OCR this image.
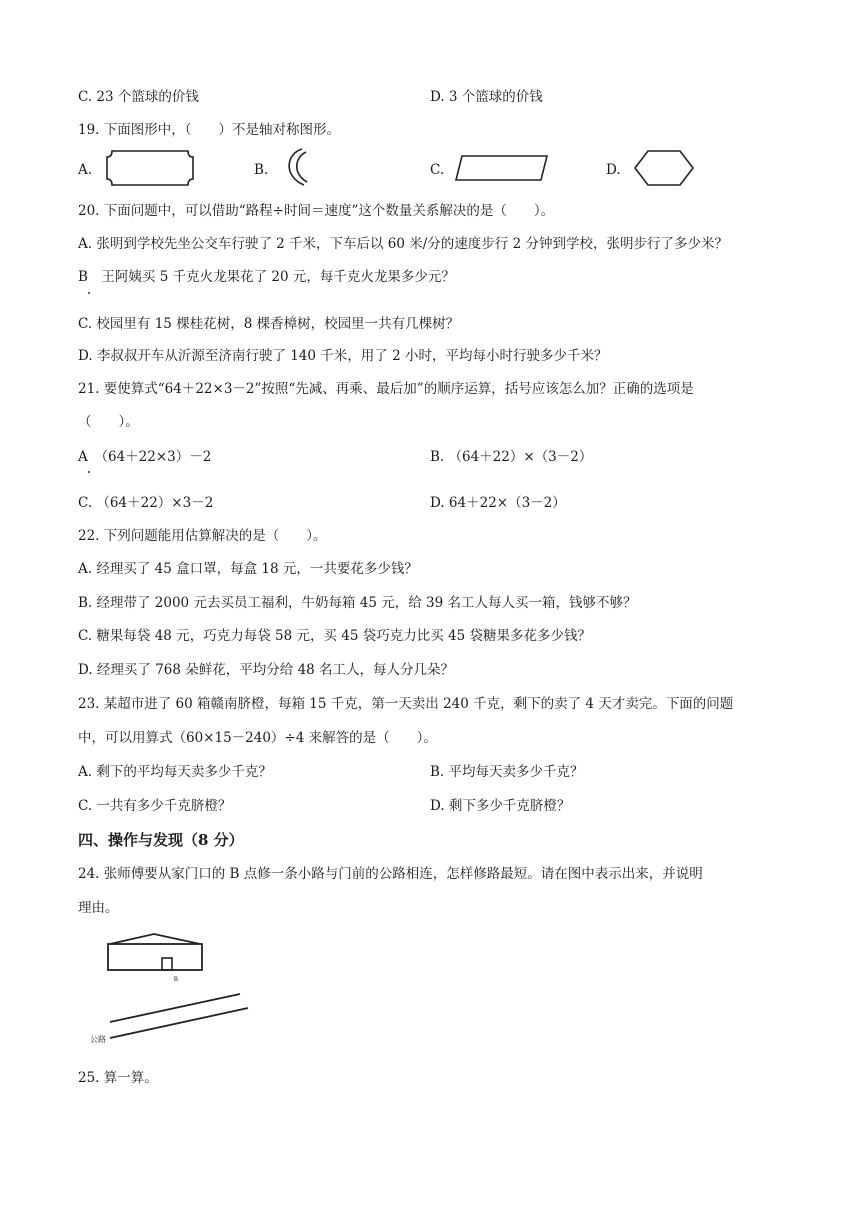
C. 23 个篮球的价钱	D. 3 个篮球的价钱
19. 下面图形中，（　　）不是轴对称图形。
A.	B.	C.	D.
20. 下面问题中，可以借助“路程÷时间＝速度”这个数量关系解决的是（　　）。
A. 张明到学校先坐公交车行驶了 2 千米，下车后以 60 米/分的速度步行 2 分钟到学校，张明步行了多少米？
B　王阿姨买 5 千克火龙果花了 20 元，每千克火龙果多少元？
C. 校园里有 15 棵桂花树，8 棵香樟树，校园里一共有几棵树？
D. 李叔叔开车从沂源至济南行驶了 140 千米，用了 2 小时，平均每小时行驶多少千米？
21. 要使算式“64＋22×3－2”按照“先减、再乘、最后加”的顺序运算，括号应该怎么加？正确的选项是
（　　）。
A　（64＋22×3）－2	B. （64＋22）×（3－2）
C. （64＋22）×3－2	D. 64＋22×（3－2）
22. 下列问题能用估算解决的是（　　）。
A. 经理买了 45 盒口罩，每盒 18 元，一共要花多少钱？
B. 经理带了 2000 元去买员工福利，牛奶每箱 45 元，给 39 名工人每人买一箱，钱够不够？
C. 糖果每袋 48 元，巧克力每袋 58 元，买 45 袋巧克力比买 45 袋糖果多花多少钱？
D. 经理买了 768 朵鲜花，平均分给 48 名工人，每人分几朵？
23. 某超市进了 60 箱赣南脐橙，每箱 15 千克，第一天卖出 240 千克，剩下的卖了 4 天才卖完。下面的问题
中，可以用算式（60×15－240）÷4 来解答的是（　　）。
A. 剩下的平均每天卖多少千克？	B. 平均每天卖多少千克？
C. 一共有多少千克脐橙？	D. 剩下多少千克脐橙？
四、操作与发现（8 分）
24. 张师傅要从家门口的 B 点修一条小路与门前的公路相连，怎样修路最短。请在图中表示出来，并说明
理由。
B
公路
25. 算一算。
